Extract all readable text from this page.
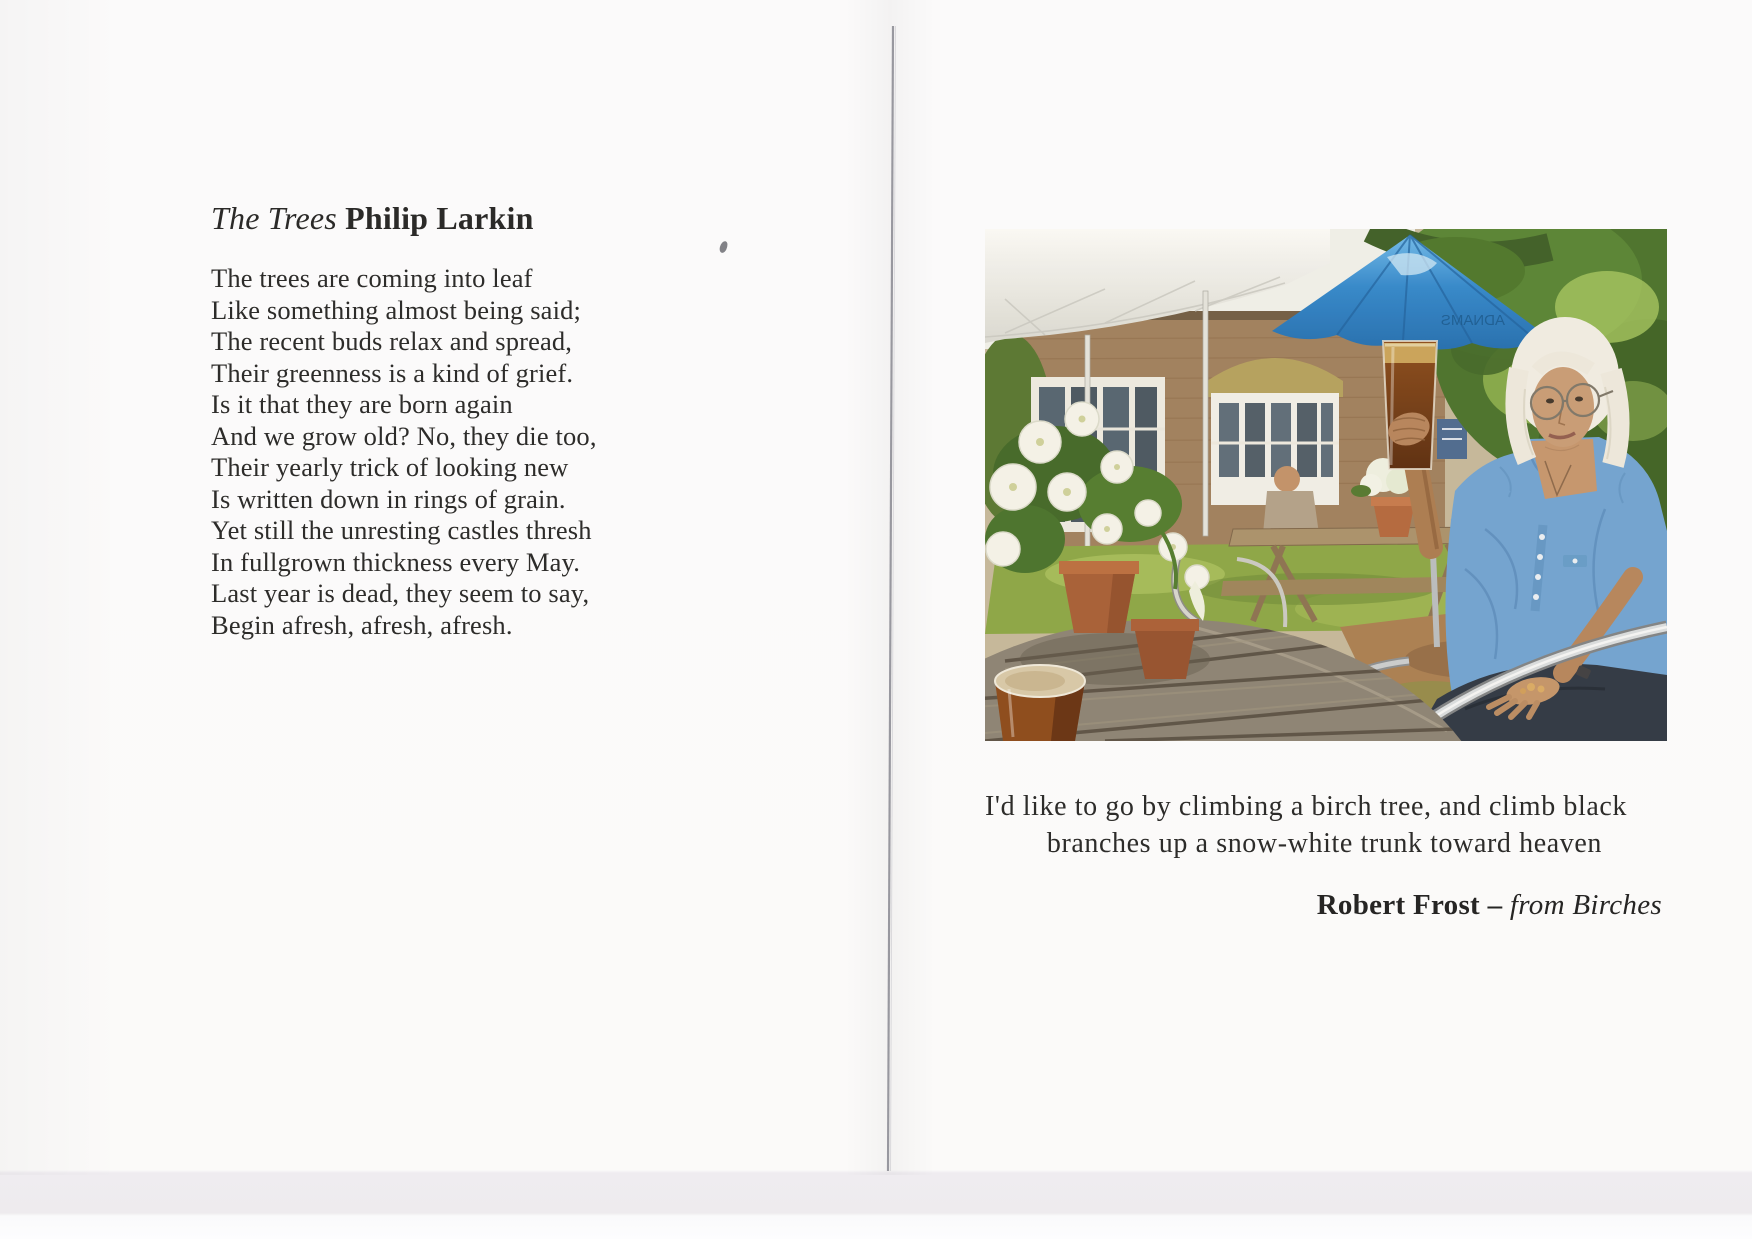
The Trees Philip Larkin
The trees are coming into leaf
Like something almost being said;
The recent buds relax and spread,
Their greenness is a kind of grief.
Is it that they are born again
And we grow old? No, they die too,
Their yearly trick of looking new
Is written down in rings of grain.
Yet still the unresting castles thresh
In fullgrown thickness every May.
Last year is dead, they seem to say,
Begin afresh, afresh, afresh.
ADNAMS
I'd like to go by climbing a birch tree, and climb black
branches up a snow-white trunk toward heaven
Robert Frost – from Birches
